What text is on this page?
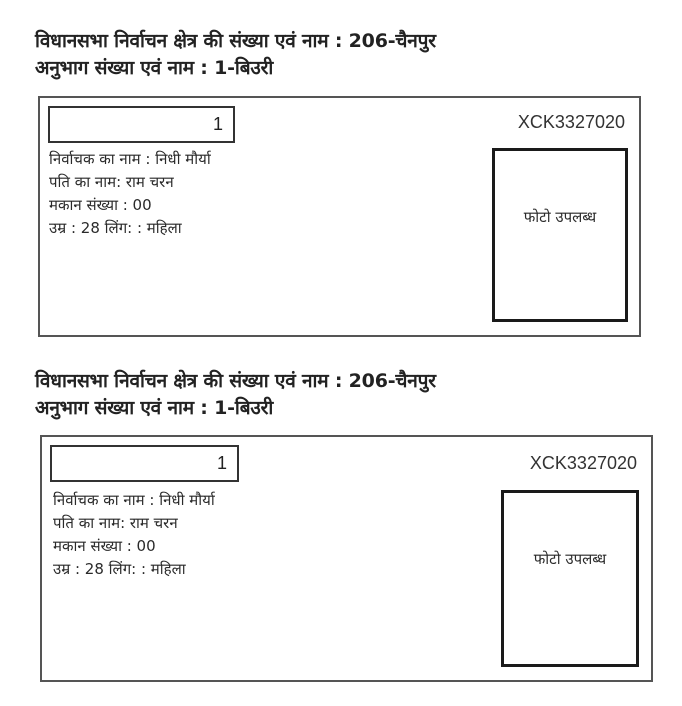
विधानसभा निर्वाचन क्षेत्र की संख्या एवं नाम : 206-चैनपुर
अनुभाग संख्या एवं नाम : 1-बिउरी
1	XCK3327020
निर्वाचक का नाम : निधी मौर्या
पति का नाम: राम चरन
मकान संख्या : 00
उम्र : 28 लिंग: : महिला
फोटो उपलब्ध
विधानसभा निर्वाचन क्षेत्र की संख्या एवं नाम : 206-चैनपुर
अनुभाग संख्या एवं नाम : 1-बिउरी
1	XCK3327020
निर्वाचक का नाम : निधी मौर्या
पति का नाम: राम चरन
मकान संख्या : 00
उम्र : 28 लिंग: : महिला
फोटो उपलब्ध
